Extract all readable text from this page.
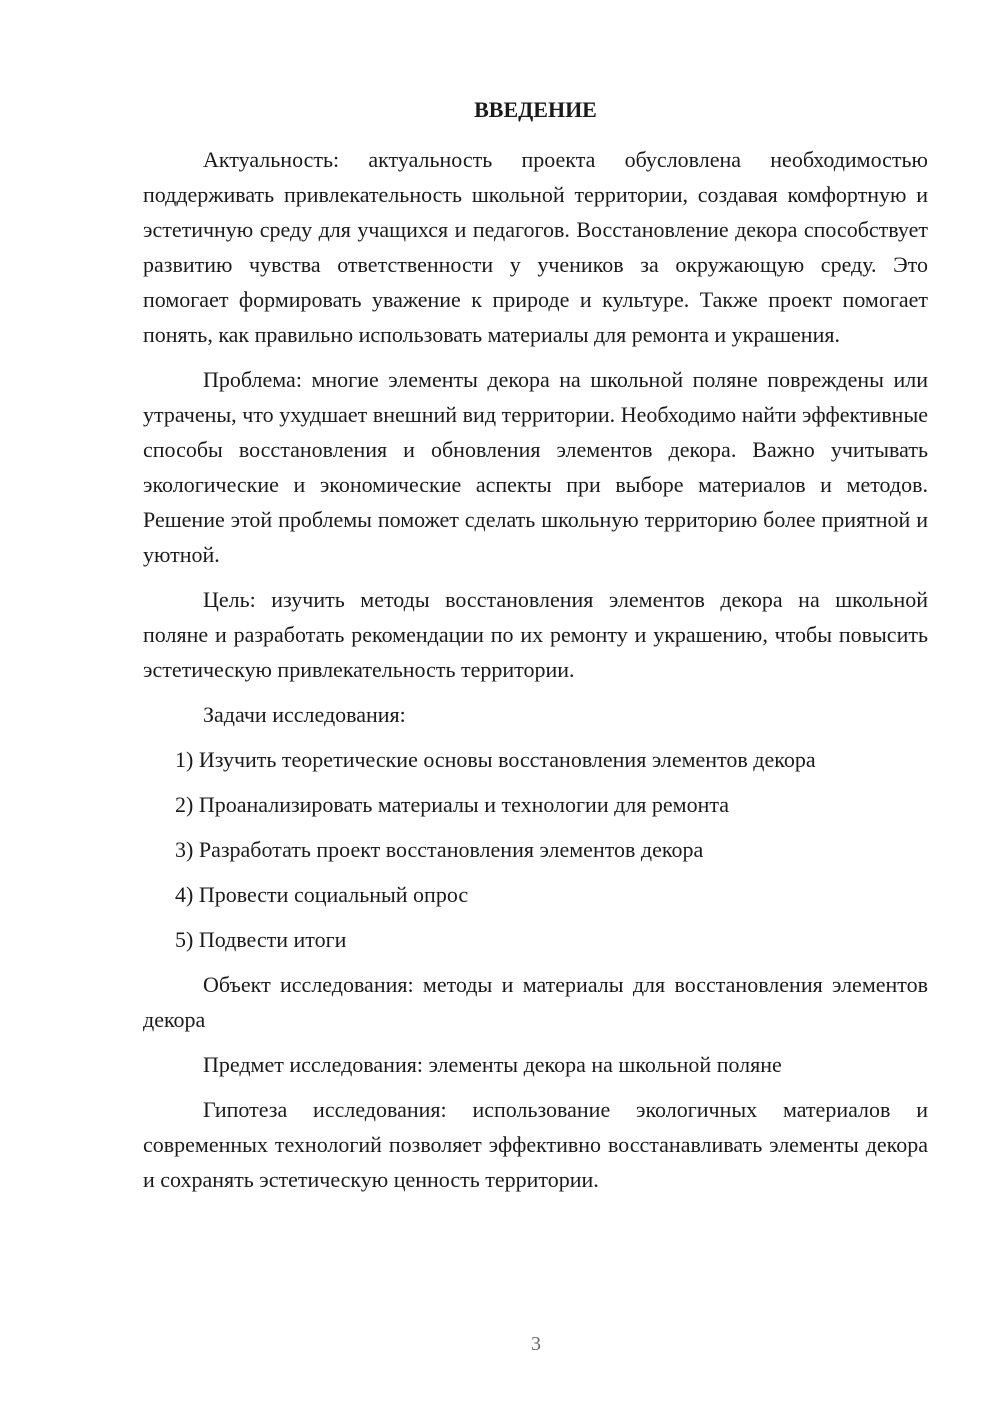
ВВЕДЕНИЕ

Актуальность: актуальность проекта обусловлена необходимостью поддерживать привлекательность школьной территории, создавая комфортную и эстетичную среду для учащихся и педагогов. Восстановление декора способствует развитию чувства ответственности у учеников за окружающую среду. Это помогает формировать уважение к природе и культуре. Также проект помогает понять, как правильно использовать материалы для ремонта и украшения.

Проблема: многие элементы декора на школьной поляне повреждены или утрачены, что ухудшает внешний вид территории. Необходимо найти эффективные способы восстановления и обновления элементов декора. Важно учитывать экологические и экономические аспекты при выборе материалов и методов. Решение этой проблемы поможет сделать школьную территорию более приятной и уютной.

Цель: изучить методы восстановления элементов декора на школьной поляне и разработать рекомендации по их ремонту и украшению, чтобы повысить эстетическую привлекательность территории.

Задачи исследования:

1) Изучить теоретические основы восстановления элементов декора
2) Проанализировать материалы и технологии для ремонта
3) Разработать проект восстановления элементов декора
4) Провести социальный опрос
5) Подвести итоги

Объект исследования: методы и материалы для восстановления элементов декора

Предмет исследования: элементы декора на школьной поляне

Гипотеза исследования: использование экологичных материалов и современных технологий позволяет эффективно восстанавливать элементы декора и сохранять эстетическую ценность территории.

3
